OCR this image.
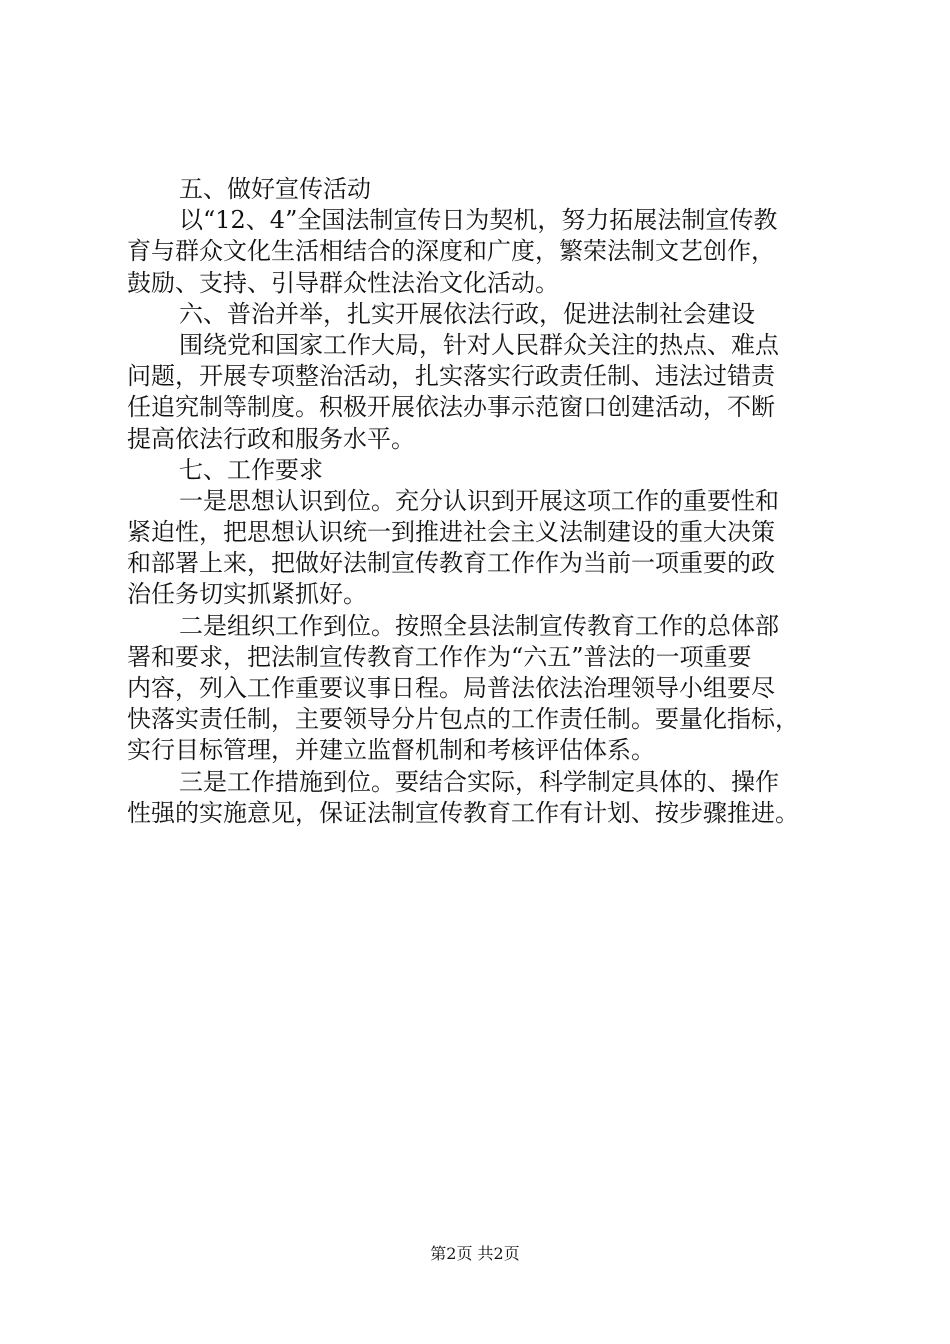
五、做好宣传活动
以“12、4”全国法制宣传日为契机，努力拓展法制宣传教
育与群众文化生活相结合的深度和广度，繁荣法制文艺创作，
鼓励、支持、引导群众性法治文化活动。
六、普治并举，扎实开展依法行政，促进法制社会建设
围绕党和国家工作大局，针对人民群众关注的热点、难点
问题，开展专项整治活动，扎实落实行政责任制、违法过错责
任追究制等制度。积极开展依法办事示范窗口创建活动，不断
提高依法行政和服务水平。
七、工作要求
一是思想认识到位。充分认识到开展这项工作的重要性和
紧迫性，把思想认识统一到推进社会主义法制建设的重大决策
和部署上来，把做好法制宣传教育工作作为当前一项重要的政
治任务切实抓紧抓好。
二是组织工作到位。按照全县法制宣传教育工作的总体部
署和要求，把法制宣传教育工作作为“六五”普法的一项重要
内容，列入工作重要议事日程。局普法依法治理领导小组要尽
快落实责任制，主要领导分片包点的工作责任制。要量化指标，
实行目标管理，并建立监督机制和考核评估体系。
三是工作措施到位。要结合实际，科学制定具体的、操作
性强的实施意见，保证法制宣传教育工作有计划、按步骤推进。
第2页 共2页
